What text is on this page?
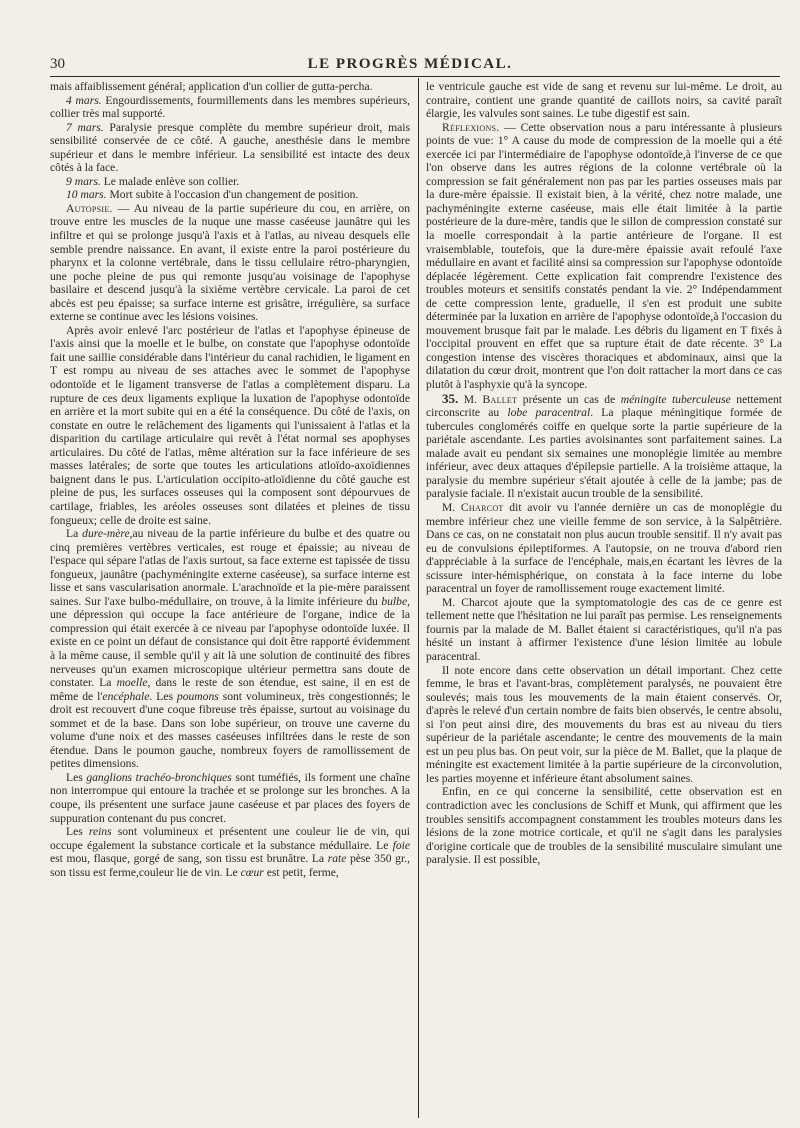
30	LE PROGRÈS MÉDICAL.

mais affaiblissement général; application d'un collier de gutta-percha.

4 mars. Engourdissements, fourmillements dans les membres supérieurs, collier très mal supporté.

7 mars. Paralysie presque complète du membre supérieur droit, mais sensibilité conservée de ce côté. A gauche, anesthésie dans le membre supérieur et dans le membre inférieur. La sensibilité est intacte des deux côtés à la face.

9 mars. Le malade enlève son collier.

10 mars. Mort subite à l'occasion d'un changement de position.

Autopsie. — Au niveau de la partie supérieure du cou, en arrière, on trouve entre les muscles de la nuque une masse caséeuse jaunâtre qui les infiltre et qui se prolonge jusqu'à l'axis et à l'atlas, au niveau desquels elle semble prendre naissance. En avant, il existe entre la paroi postérieure du pharynx et la colonne vertébrale, dans le tissu cellulaire rétro-pharyngien, une poche pleine de pus qui remonte jusqu'au voisinage de l'apophyse basilaire et descend jusqu'à la sixième vertèbre cervicale. La paroi de cet abcès est peu épaisse; sa surface interne est grisâtre, irrégulière, sa surface externe se continue avec les lésions voisines.

Après avoir enlevé l'arc postérieur de l'atlas et l'apophyse épineuse de l'axis ainsi que la moelle et le bulbe, on constate que l'apophyse odontoïde fait une saillie considérable dans l'intérieur du canal rachidien, le ligament en T est rompu au niveau de ses attaches avec le sommet de l'apophyse odontoïde et le ligament transverse de l'atlas a complètement disparu. La rupture de ces deux ligaments explique la luxation de l'apophyse odontoïde en arrière et la mort subite qui en a été la conséquence. Du côté de l'axis, on constate en outre le relâchement des ligaments qui l'unissaient à l'atlas et la disparition du cartilage articulaire qui revêt à l'état normal ses apophyses articulaires. Du côté de l'atlas, même altération sur la face inférieure de ses masses latérales; de sorte que toutes les articulations atloïdo-axoïdiennes baignent dans le pus. L'articulation occipito-atloïdienne du côté gauche est pleine de pus, les surfaces osseuses qui la composent sont dépourvues de cartilage, friables, les aréoles osseuses sont dilatées et pleines de tissu fongueux; celle de droite est saine.

La dure-mère,au niveau de la partie inférieure du bulbe et des quatre ou cinq premières vertèbres verticales, est rouge et épaissie; au niveau de l'espace qui sépare l'atlas de l'axis surtout, sa face externe est tapissée de tissu fongueux, jaunâtre (pachyméningite externe caséeuse), sa surface interne est lisse et sans vascularisation anormale. L'arachnoïde et la pie-mère paraissent saines. Sur l'axe bulbo-médullaire, on trouve, à la limite inférieure du bulbe, une dépression qui occupe la face antérieure de l'organe, indice de la compression qui était exercée à ce niveau par l'apophyse odontoïde luxée. Il existe en ce point un défaut de consistance qui doit être rapporté évidemment à la même cause, il semble qu'il y ait là une solution de continuité des fibres nerveuses qu'un examen microscopique ultérieur permettra sans doute de constater. La moelle, dans le reste de son étendue, est saine, il en est de même de l'encéphale. Les poumons sont volumineux, très congestionnés; le droit est recouvert d'une coque fibreuse très épaisse, surtout au voisinage du sommet et de la base. Dans son lobe supérieur, on trouve une caverne du volume d'une noix et des masses caséeuses infiltrées dans le reste de son étendue. Dans le poumon gauche, nombreux foyers de ramollissement de petites dimensions.

Les ganglions trachéo-bronchiques sont tuméfiés, ils forment une chaîne non interrompue qui entoure la trachée et se prolonge sur les bronches. A la coupe, ils présentent une surface jaune caséeuse et par places des foyers de suppuration contenant du pus concret.

Les reins sont volumineux et présentent une couleur lie de vin, qui occupe également la substance corticale et la substance médullaire. Le foie est mou, flasque, gorgé de sang, son tissu est brunâtre. La rate pèse 350 gr., son tissu est ferme,couleur lie de vin. Le cœur est petit, ferme,

le ventricule gauche est vide de sang et revenu sur lui-même. Le droit, au contraire, contient une grande quantité de caillots noirs, sa cavité paraît élargie, les valvules sont saines. Le tube digestif est sain.

Réflexions. — Cette observation nous a paru intéressante à plusieurs points de vue: 1° A cause du mode de compression de la moelle qui a été exercée ici par l'intermédiaire de l'apophyse odontoïde,à l'inverse de ce que l'on observe dans les autres régions de la colonne vertébrale où la compression se fait généralement non pas par les parties osseuses mais par la dure-mère épaissie. Il existait bien, à la vérité, chez notre malade, une pachyméningite externe caséeuse, mais elle était limitée à la partie postérieure de la dure-mère, tandis que le sillon de compression constaté sur la moelle correspondait à la partie antérieure de l'organe. Il est vraisemblable, toutefois, que la dure-mère épaissie avait refoulé l'axe médullaire en avant et facilité ainsi sa compression sur l'apophyse odontoïde déplacée légèrement. Cette explication fait comprendre l'existence des troubles moteurs et sensitifs constatés pendant la vie. 2° Indépendamment de cette compression lente, graduelle, il s'en est produit une subite déterminée par la luxation en arrière de l'apophyse odontoïde,à l'occasion du mouvement brusque fait par le malade. Les débris du ligament en T fixés à l'occipital prouvent en effet que sa rupture était de date récente. 3° La congestion intense des viscères thoraciques et abdominaux, ainsi que la dilatation du cœur droit, montrent que l'on doit rattacher la mort dans ce cas plutôt à l'asphyxie qu'à la syncope.

35. M. Ballet présente un cas de méningite tuberculeuse nettement circonscrite au lobe paracentral. La plaque méningitique formée de tubercules conglomérés coiffe en quelque sorte la partie supérieure de la pariétale ascendante. Les parties avoisinantes sont parfaitement saines. La malade avait eu pendant six semaines une monoplégie limitée au membre inférieur, avec deux attaques d'épilepsie partielle. A la troisième attaque, la paralysie du membre supérieur s'était ajoutée à celle de la jambe; pas de paralysie faciale. Il n'existait aucun trouble de la sensibilité.

M. Charcot dit avoir vu l'année dernière un cas de monoplégie du membre inférieur chez une vieille femme de son service, à la Salpêtrière. Dans ce cas, on ne constatait non plus aucun trouble sensitif. Il n'y avait pas eu de convulsions épileptiformes. A l'autopsie, on ne trouva d'abord rien d'appréciable à la surface de l'encéphale, mais,en écartant les lèvres de la scissure inter-hémisphérique, on constata à la face interne du lobe paracentral un foyer de ramollissement rouge exactement limité.

M. Charcot ajoute que la symptomatologie des cas de ce genre est tellement nette que l'hésitation ne lui paraît pas permise. Les renseignements fournis par la malade de M. Ballet étaient si caractéristiques, qu'il n'a pas hésité un instant à affirmer l'existence d'une lésion limitée au lobule paracentral.

Il note encore dans cette observation un détail important. Chez cette femme, le bras et l'avant-bras, complètement paralysés, ne pouvaient être soulevés; mais tous les mouvements de la main étaient conservés. Or, d'après le relevé d'un certain nombre de faits bien observés, le centre absolu, si l'on peut ainsi dire, des mouvements du bras est au niveau du tiers supérieur de la pariétale ascendante; le centre des mouvements de la main est un peu plus bas. On peut voir, sur la pièce de M. Ballet, que la plaque de méningite est exactement limitée à la partie supérieure de la circonvolution, les parties moyenne et inférieure étant absolument saines.

Enfin, en ce qui concerne la sensibilité, cette observation est en contradiction avec les conclusions de Schiff et Munk, qui affirment que les troubles sensitifs accompagnent constamment les troubles moteurs dans les lésions de la zone motrice corticale, et qu'il ne s'agit dans les paralysies d'origine corticale que de troubles de la sensibilité musculaire simulant une paralysie. Il est possible,
